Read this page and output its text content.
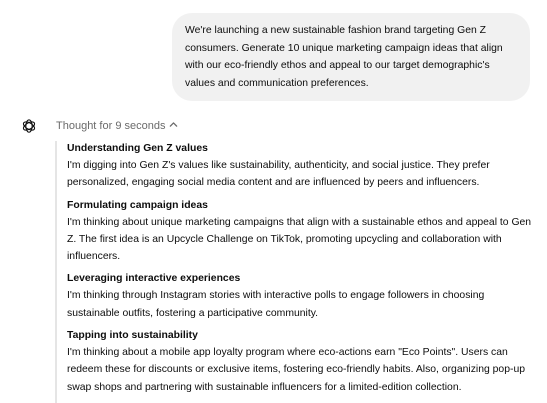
We're launching a new sustainable fashion brand targeting Gen Z consumers. Generate 10 unique marketing campaign ideas that align with our eco-friendly ethos and appeal to our target demographic's values and communication preferences.
Thought for 9 seconds
Understanding Gen Z values
I'm digging into Gen Z's values like sustainability, authenticity, and social justice. They prefer personalized, engaging social media content and are influenced by peers and influencers.
Formulating campaign ideas
I'm thinking about unique marketing campaigns that align with a sustainable ethos and appeal to Gen Z. The first idea is an Upcycle Challenge on TikTok, promoting upcycling and collaboration with influencers.
Leveraging interactive experiences
I'm thinking through Instagram stories with interactive polls to engage followers in choosing sustainable outfits, fostering a participative community.
Tapping into sustainability
I'm thinking about a mobile app loyalty program where eco-actions earn "Eco Points". Users can redeem these for discounts or exclusive items, fostering eco-friendly habits. Also, organizing pop-up swap shops and partnering with sustainable influencers for a limited-edition collection.
